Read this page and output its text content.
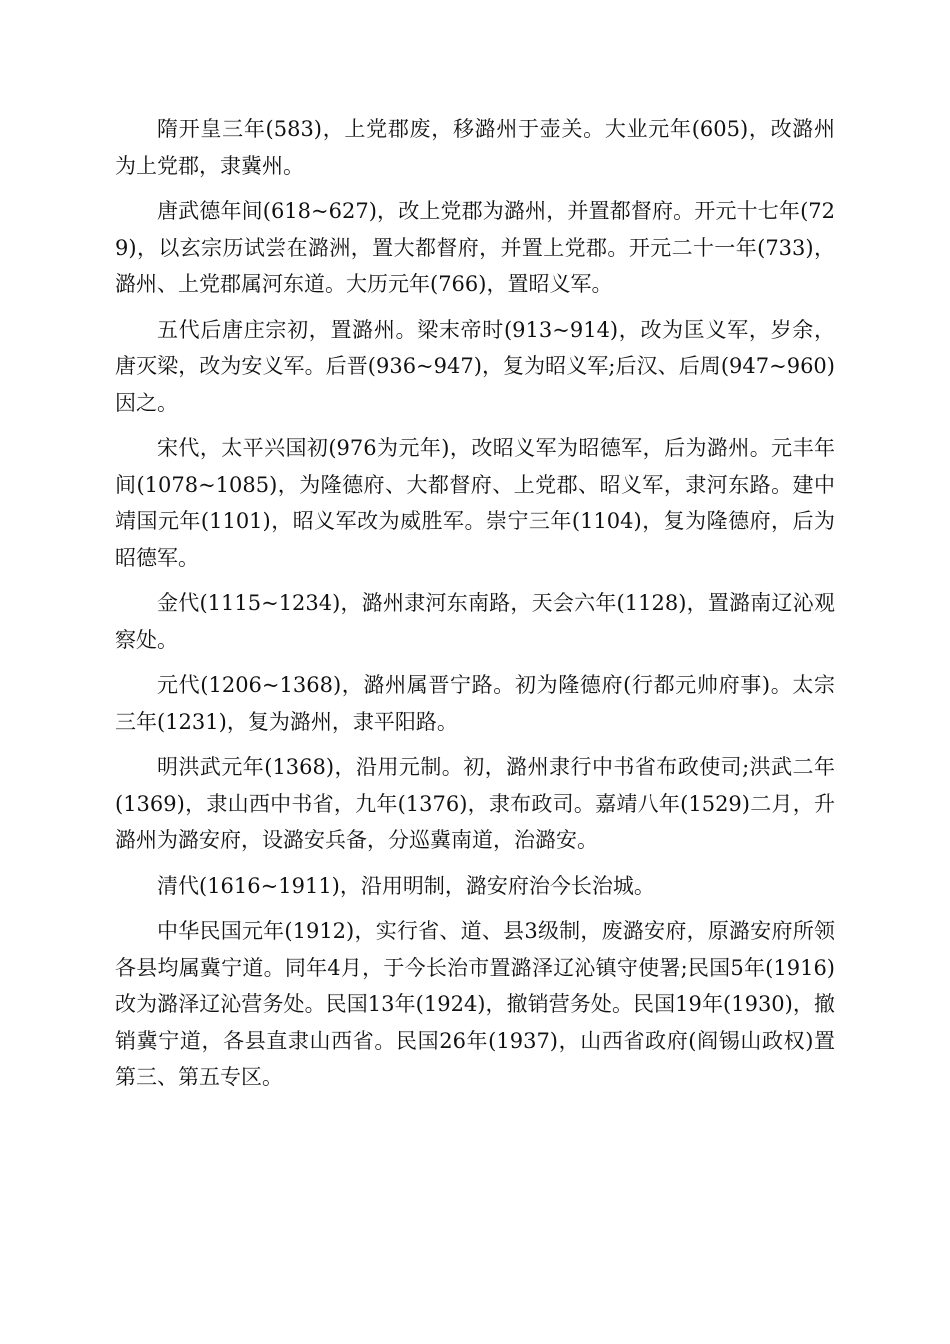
隋开皇三年(583)，上党郡废，移潞州于壶关。大业元年(605)，改潞州为上党郡，隶冀州。

唐武德年间(618~627)，改上党郡为潞州，并置都督府。开元十七年(729)，以玄宗历试尝在潞洲，置大都督府，并置上党郡。开元二十一年(733)，潞州、上党郡属河东道。大历元年(766)，置昭义军。

五代后唐庄宗初，置潞州。梁末帝时(913~914)，改为匡义军，岁余，唐灭梁，改为安义军。后晋(936~947)，复为昭义军;后汉、后周(947~960)因之。

宋代，太平兴国初(976为元年)，改昭义军为昭德军，后为潞州。元丰年间(1078~1085)，为隆德府、大都督府、上党郡、昭义军，隶河东路。建中靖国元年(1101)，昭义军改为威胜军。崇宁三年(1104)，复为隆德府，后为昭德军。

金代(1115~1234)，潞州隶河东南路，天会六年(1128)，置潞南辽沁观察处。

元代(1206~1368)，潞州属晋宁路。初为隆德府(行都元帅府事)。太宗三年(1231)，复为潞州，隶平阳路。

明洪武元年(1368)，沿用元制。初，潞州隶行中书省布政使司;洪武二年(1369)，隶山西中书省，九年(1376)，隶布政司。嘉靖八年(1529)二月，升潞州为潞安府，设潞安兵备，分巡冀南道，治潞安。

清代(1616~1911)，沿用明制，潞安府治今长治城。

中华民国元年(1912)，实行省、道、县3级制，废潞安府，原潞安府所领各县均属冀宁道。同年4月，于今长治市置潞泽辽沁镇守使署;民国5年(1916)改为潞泽辽沁营务处。民国13年(1924)，撤销营务处。民国19年(1930)，撤销冀宁道，各县直隶山西省。民国26年(1937)，山西省政府(阎锡山政权)置第三、第五专区。
